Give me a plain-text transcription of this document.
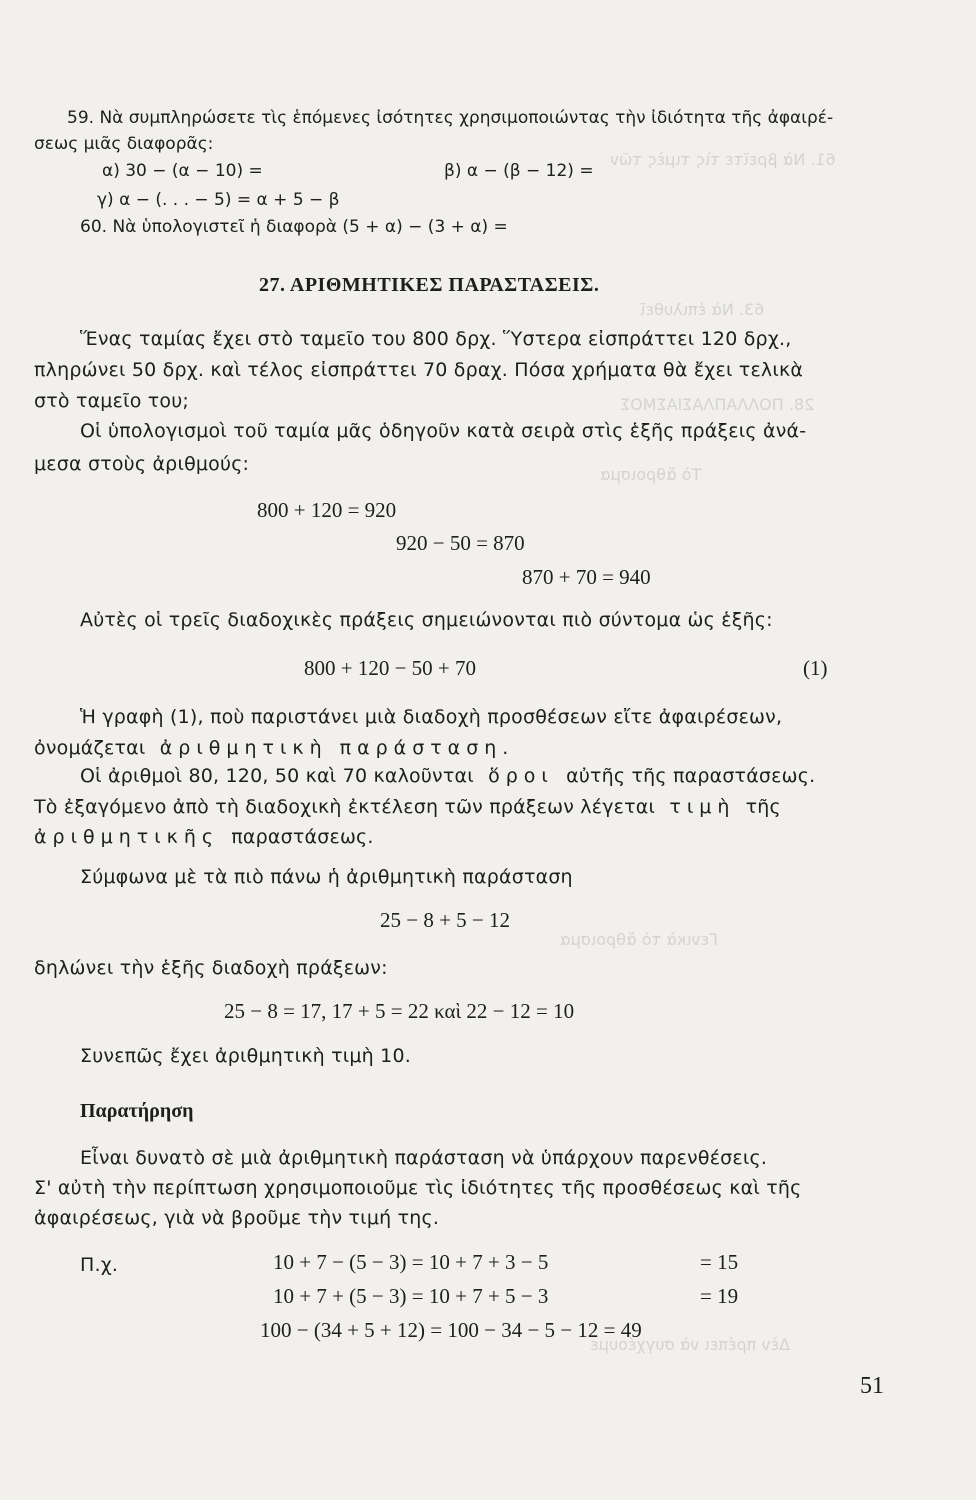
61. Νὰ βρεῖτε τὶς τιμὲς τῶν
63. Νὰ ἐπιλυθεῖ
28. ΠΟΛΛΑΠΛΑΣΙΑΣΜΟΣ
Τὸ ἄθροισμα
Γενικὰ τὸ ἄθροισμα
Δὲν πρέπει νὰ συγχέουμε
59. Νὰ συμπληρώσετε τὶς ἑπόμενες ἰσότητες χρησιμοποιώντας τὴν ἰδιότητα τῆς ἀφαιρέ-
σεως μιᾶς διαφορᾶς:
α) 30 − (α − 10) =	β) α − (β − 12) =
γ) α − (. . . − 5) = α + 5 − β
60. Νὰ ὑπολογιστεῖ ἡ διαφορὰ (5 + α) − (3 + α) =
27. ΑΡΙΘΜΗΤΙΚΕΣ ΠΑΡΑΣΤΑΣΕΙΣ.
Ἕνας ταμίας ἔχει στὸ ταμεῖο του 800 δρχ. Ὕστερα εἰσπράττει 120 δρχ.,
πληρώνει 50 δρχ. καὶ τέλος εἰσπράττει 70 δραχ. Πόσα χρήματα θὰ ἔχει τελικὰ
στὸ ταμεῖο του;
Οἱ ὑπολογισμοὶ τοῦ ταμία μᾶς ὁδηγοῦν κατὰ σειρὰ στὶς ἑξῆς πράξεις ἀνά-
μεσα στοὺς ἀριθμούς:
800 + 120 = 920
920 − 50 = 870
870 + 70 = 940
Αὐτὲς οἱ τρεῖς διαδοχικὲς πράξεις σημειώνονται πιὸ σύντομα ὡς ἑξῆς:
800 + 120 − 50 + 70	(1)
Ἡ γραφὴ (1), ποὺ παριστάνει μιὰ διαδοχὴ προσθέσεων εἴτε ἀφαιρέσεων,
ὀνομάζεται ἀριθμητικὴ παράσταση.
Οἱ ἀριθμοὶ 80, 120, 50 καὶ 70 καλοῦνται ὅροι αὐτῆς τῆς παραστάσεως.
Τὸ ἐξαγόμενο ἀπὸ τὴ διαδοχικὴ ἐκτέλεση τῶν πράξεων λέγεται τιμὴ τῆς
ἀριθμητικῆς παραστάσεως.
Σύμφωνα μὲ τὰ πιὸ πάνω ἡ ἀριθμητικὴ παράσταση
25 − 8 + 5 − 12
δηλώνει τὴν ἑξῆς διαδοχὴ πράξεων:
25 − 8 = 17, 17 + 5 = 22 καὶ 22 − 12 = 10
Συνεπῶς ἔχει ἀριθμητικὴ τιμὴ 10.
Παρατήρηση
Εἶναι δυνατὸ σὲ μιὰ ἀριθμητικὴ παράσταση νὰ ὑπάρχουν παρενθέσεις.
Σ' αὐτὴ τὴν περίπτωση χρησιμοποιοῦμε τὶς ἰδιότητες τῆς προσθέσεως καὶ τῆς
ἀφαιρέσεως, γιὰ νὰ βροῦμε τὴν τιμή της.
Π.χ.	10 + 7 − (5 − 3) = 10 + 7 + 3 − 5	= 15
10 + 7 + (5 − 3) = 10 + 7 + 5 − 3	= 19
100 − (34 + 5 + 12) = 100 − 34 − 5 − 12 = 49
51
